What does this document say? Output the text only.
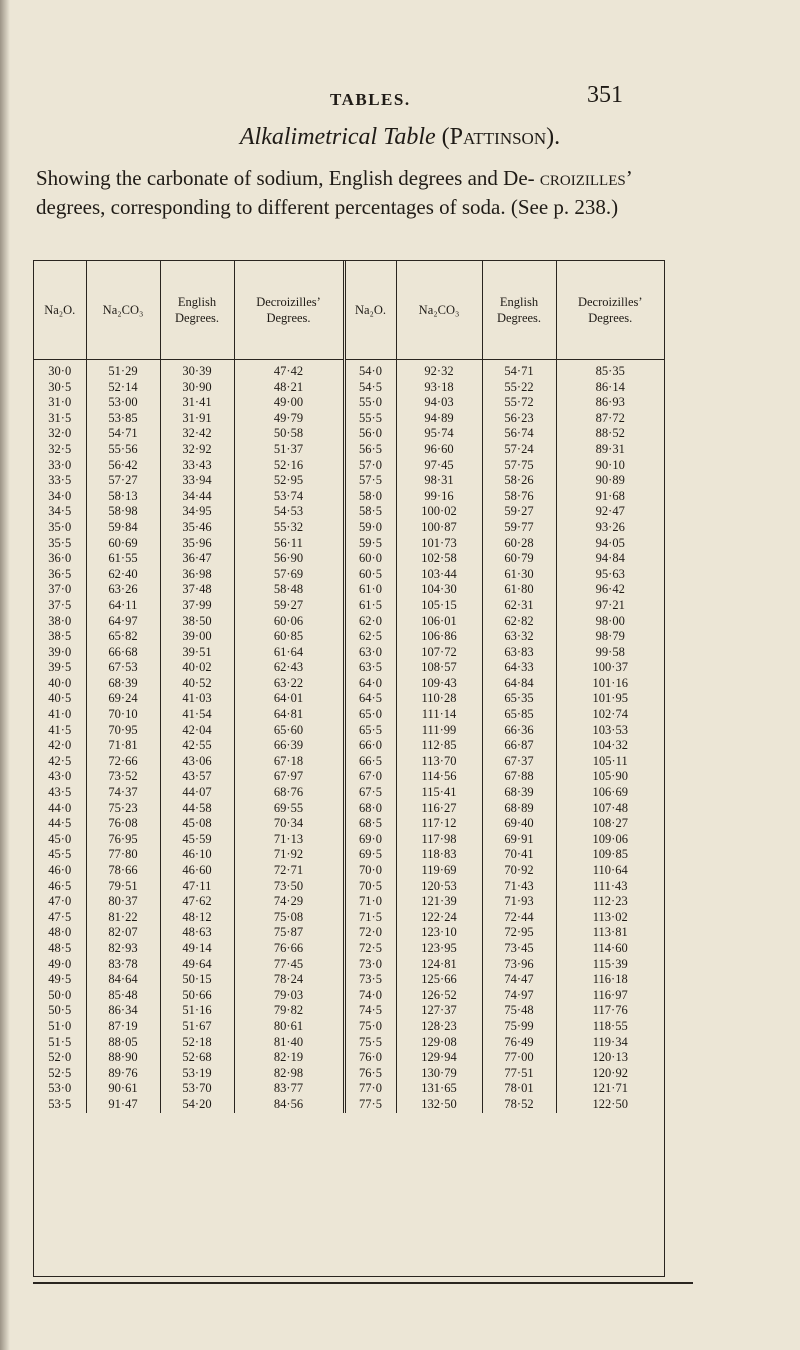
TABLES.	351
Alkalimetrical Table (Pattinson).
Showing the carbonate of sodium, English degrees and De- croizilles’ degrees, corresponding to different percentages of soda. (See p. 238.)
Na₂O.	Na₂CO₃	English Degrees.	Decroizilles’ Degrees.	Na₂O.	Na₂CO₃	English Degrees.	Decroizilles’ Degrees.
30·0	51·29	30·39	47·42	54·0	92·32	54·71	85·35
30·5	52·14	30·90	48·21	54·5	93·18	55·22	86·14
31·0	53·00	31·41	49·00	55·0	94·03	55·72	86·93
31·5	53·85	31·91	49·79	55·5	94·89	56·23	87·72
32·0	54·71	32·42	50·58	56·0	95·74	56·74	88·52
32·5	55·56	32·92	51·37	56·5	96·60	57·24	89·31
33·0	56·42	33·43	52·16	57·0	97·45	57·75	90·10
33·5	57·27	33·94	52·95	57·5	98·31	58·26	90·89
34·0	58·13	34·44	53·74	58·0	99·16	58·76	91·68
34·5	58·98	34·95	54·53	58·5	100·02	59·27	92·47
35·0	59·84	35·46	55·32	59·0	100·87	59·77	93·26
35·5	60·69	35·96	56·11	59·5	101·73	60·28	94·05
36·0	61·55	36·47	56·90	60·0	102·58	60·79	94·84
36·5	62·40	36·98	57·69	60·5	103·44	61·30	95·63
37·0	63·26	37·48	58·48	61·0	104·30	61·80	96·42
37·5	64·11	37·99	59·27	61·5	105·15	62·31	97·21
38·0	64·97	38·50	60·06	62·0	106·01	62·82	98·00
38·5	65·82	39·00	60·85	62·5	106·86	63·32	98·79
39·0	66·68	39·51	61·64	63·0	107·72	63·83	99·58
39·5	67·53	40·02	62·43	63·5	108·57	64·33	100·37
40·0	68·39	40·52	63·22	64·0	109·43	64·84	101·16
40·5	69·24	41·03	64·01	64·5	110·28	65·35	101·95
41·0	70·10	41·54	64·81	65·0	111·14	65·85	102·74
41·5	70·95	42·04	65·60	65·5	111·99	66·36	103·53
42·0	71·81	42·55	66·39	66·0	112·85	66·87	104·32
42·5	72·66	43·06	67·18	66·5	113·70	67·37	105·11
43·0	73·52	43·57	67·97	67·0	114·56	67·88	105·90
43·5	74·37	44·07	68·76	67·5	115·41	68·39	106·69
44·0	75·23	44·58	69·55	68·0	116·27	68·89	107·48
44·5	76·08	45·08	70·34	68·5	117·12	69·40	108·27
45·0	76·95	45·59	71·13	69·0	117·98	69·91	109·06
45·5	77·80	46·10	71·92	69·5	118·83	70·41	109·85
46·0	78·66	46·60	72·71	70·0	119·69	70·92	110·64
46·5	79·51	47·11	73·50	70·5	120·53	71·43	111·43
47·0	80·37	47·62	74·29	71·0	121·39	71·93	112·23
47·5	81·22	48·12	75·08	71·5	122·24	72·44	113·02
48·0	82·07	48·63	75·87	72·0	123·10	72·95	113·81
48·5	82·93	49·14	76·66	72·5	123·95	73·45	114·60
49·0	83·78	49·64	77·45	73·0	124·81	73·96	115·39
49·5	84·64	50·15	78·24	73·5	125·66	74·47	116·18
50·0	85·48	50·66	79·03	74·0	126·52	74·97	116·97
50·5	86·34	51·16	79·82	74·5	127·37	75·48	117·76
51·0	87·19	51·67	80·61	75·0	128·23	75·99	118·55
51·5	88·05	52·18	81·40	75·5	129·08	76·49	119·34
52·0	88·90	52·68	82·19	76·0	129·94	77·00	120·13
52·5	89·76	53·19	82·98	76·5	130·79	77·51	120·92
53·0	90·61	53·70	83·77	77·0	131·65	78·01	121·71
53·5	91·47	54·20	84·56	77·5	132·50	78·52	122·50
